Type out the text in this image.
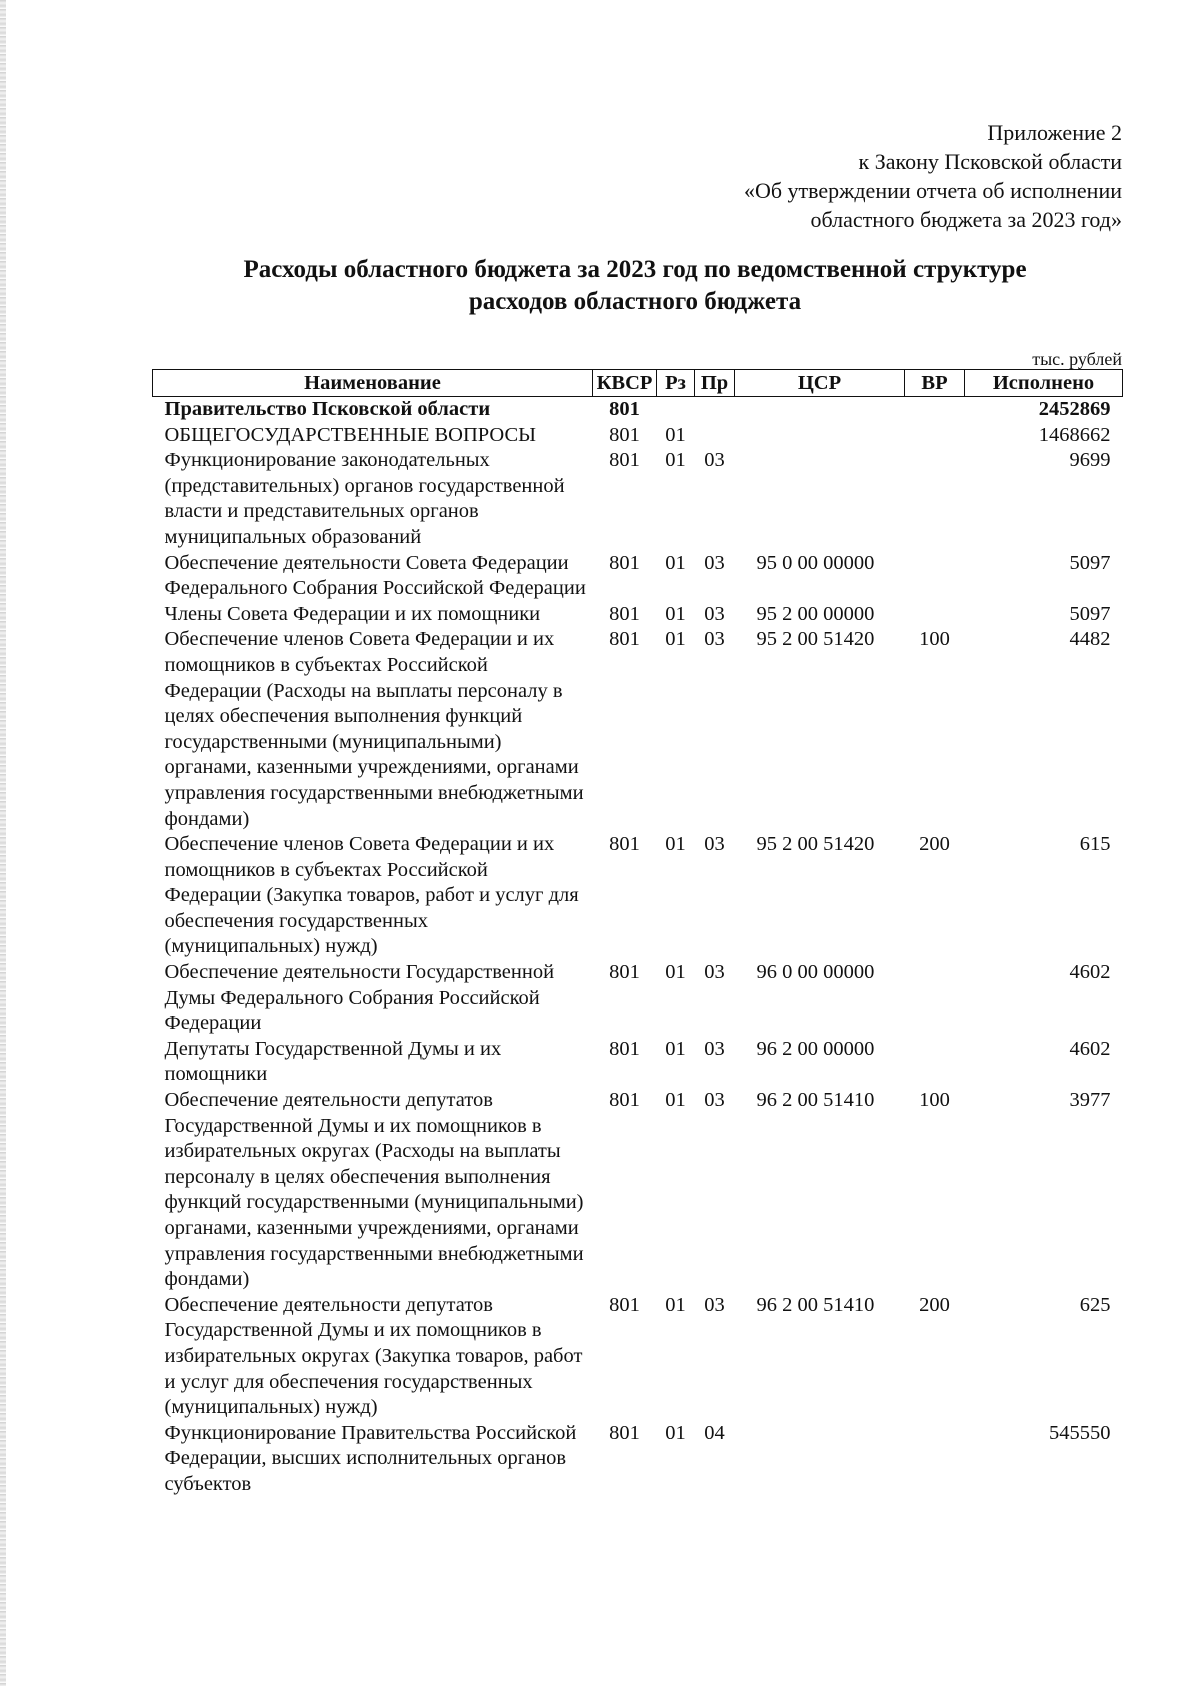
Приложение 2
к Закону Псковской области
«Об утверждении отчета об исполнении
областного бюджета за 2023 год»
Расходы областного бюджета за 2023 год по ведомственной структуре
расходов областного бюджета
тыс. рублей
Наименование	КВСР	Рз	Пр	ЦСР	ВР	Исполнено
Правительство Псковской области	801					2452869
ОБЩЕГОСУДАРСТВЕННЫЕ ВОПРОСЫ	801	01				1468662
Функционирование законодательных (представительных) органов государственной власти и представительных органов муниципальных образований	801	01	03			9699
Обеспечение деятельности Совета Федерации Федерального Собрания Российской Федерации	801	01	03	95 0 00 00000		5097
Члены Совета Федерации и их помощники	801	01	03	95 2 00 00000		5097
Обеспечение членов Совета Федерации и их помощников в субъектах Российской Федерации (Расходы на выплаты персоналу в целях обеспечения выполнения функций государственными (муниципальными) органами, казенными учреждениями, органами управления государственными внебюджетными фондами)	801	01	03	95 2 00 51420	100	4482
Обеспечение членов Совета Федерации и их помощников в субъектах Российской Федерации (Закупка товаров, работ и услуг для обеспечения государственных (муниципальных) нужд)	801	01	03	95 2 00 51420	200	615
Обеспечение деятельности Государственной Думы Федерального Собрания Российской Федерации	801	01	03	96 0 00 00000		4602
Депутаты Государственной Думы и их помощники	801	01	03	96 2 00 00000		4602
Обеспечение деятельности депутатов Государственной Думы и их помощников в избирательных округах (Расходы на выплаты персоналу в целях обеспечения выполнения функций государственными (муниципальными) органами, казенными учреждениями, органами управления государственными внебюджетными фондами)	801	01	03	96 2 00 51410	100	3977
Обеспечение деятельности депутатов Государственной Думы и их помощников в избирательных округах (Закупка товаров, работ и услуг для обеспечения государственных (муниципальных) нужд)	801	01	03	96 2 00 51410	200	625
Функционирование Правительства Российской Федерации, высших исполнительных органов субъектов	801	01	04			545550
